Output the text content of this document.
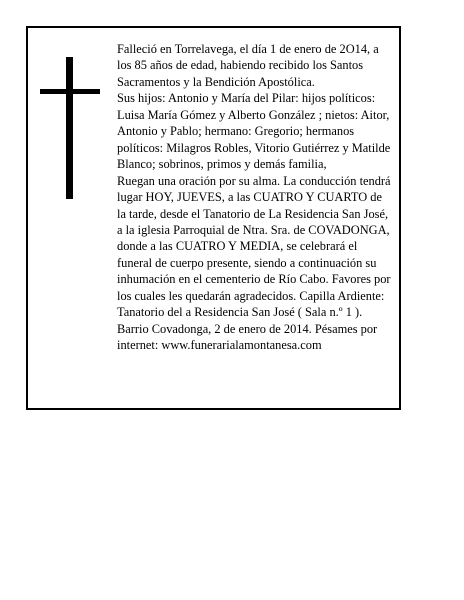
Falleció en Torrelavega, el día 1 de enero de 2O14, a los 85 años de edad, habiendo recibido los Santos Sacramentos y la Bendición Apostólica.

Sus hijos: Antonio y María del Pilar: hijos políticos: Luisa María Gómez y Alberto González ; nietos: Aitor, Antonio y Pablo; hermano: Gregorio; hermanos políticos: Milagros Robles, Vitorio Gutiérrez y Matilde Blanco; sobrinos, primos y demás familia,

Ruegan una oración por su alma. La conducción tendrá lugar HOY, JUEVES, a las CUATRO Y CUARTO de la tarde, desde el Tanatorio de La Residencia San José, a la iglesia Parroquial de Ntra. Sra. de COVADONGA, donde a las CUATRO Y MEDIA, se celebrará el funeral de cuerpo presente, siendo a continuación su inhumación en el cementerio de Río Cabo. Favores por los cuales les quedarán agradecidos. Capilla Ardiente: Tanatorio del a Residencia San José ( Sala n.º 1 ).

Barrio Covadonga, 2 de enero de 2014. Pésames por internet: www.funerarialamontanesa.com
